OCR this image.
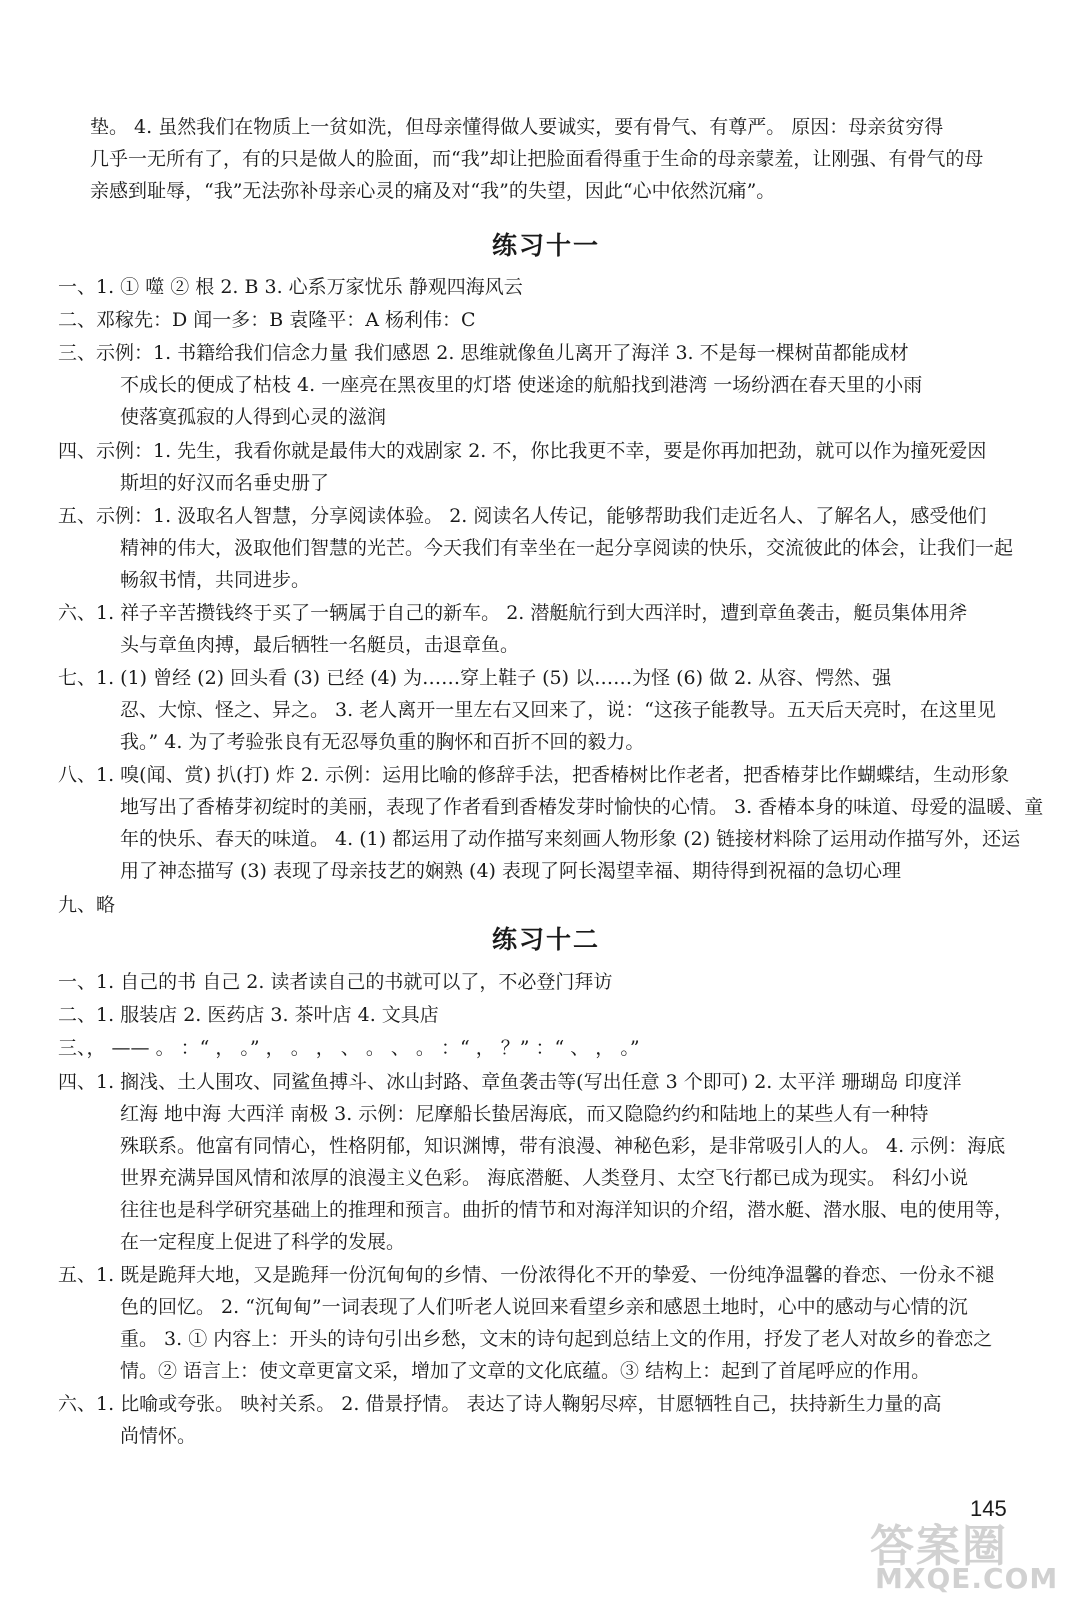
垫。 4. 虽然我们在物质上一贫如洗，但母亲懂得做人要诚实，要有骨气、有尊严。 原因：母亲贫穷得
几乎一无所有了，有的只是做人的脸面，而“我”却让把脸面看得重于生命的母亲蒙羞，让刚强、有骨气的母
亲感到耻辱，“我”无法弥补母亲心灵的痛及对“我”的失望，因此“心中依然沉痛”。
练习十一
一、1. ① 噬 ② 根 2. B 3. 心系万家忧乐 静观四海风云
二、邓稼先：D 闻一多：B 袁隆平：A 杨利伟：C
三、示例：1. 书籍给我们信念力量 我们感恩 2. 思维就像鱼儿离开了海洋 3. 不是每一棵树苗都能成材
不成长的便成了枯枝 4. 一座亮在黑夜里的灯塔 使迷途的航船找到港湾 一场纷洒在春天里的小雨
使落寞孤寂的人得到心灵的滋润
四、示例：1. 先生，我看你就是最伟大的戏剧家 2. 不，你比我更不幸，要是你再加把劲，就可以作为撞死爱因
斯坦的好汉而名垂史册了
五、示例：1. 汲取名人智慧，分享阅读体验。 2. 阅读名人传记，能够帮助我们走近名人、了解名人，感受他们
精神的伟大，汲取他们智慧的光芒。今天我们有幸坐在一起分享阅读的快乐，交流彼此的体会，让我们一起
畅叙书情，共同进步。
六、1. 祥子辛苦攒钱终于买了一辆属于自己的新车。 2. 潜艇航行到大西洋时，遭到章鱼袭击，艇员集体用斧
头与章鱼肉搏，最后牺牲一名艇员，击退章鱼。
七、1. (1) 曾经 (2) 回头看 (3) 已经 (4) 为……穿上鞋子 (5) 以……为怪 (6) 做 2. 从容、愕然、强
忍、大惊、怪之、异之。 3. 老人离开一里左右又回来了，说：“这孩子能教导。五天后天亮时，在这里见
我。” 4. 为了考验张良有无忍辱负重的胸怀和百折不回的毅力。
八、1. 嗅(闻、赏) 扒(打) 炸 2. 示例：运用比喻的修辞手法，把香椿树比作老者，把香椿芽比作蝴蝶结，生动形象
地写出了香椿芽初绽时的美丽，表现了作者看到香椿发芽时愉快的心情。 3. 香椿本身的味道、母爱的温暖、童
年的快乐、春天的味道。 4. (1) 都运用了动作描写来刻画人物形象 (2) 链接材料除了运用动作描写外，还运
用了神态描写 (3) 表现了母亲技艺的娴熟 (4) 表现了阿长渴望幸福、期待得到祝福的急切心理
九、略
练习十二
一、1. 自己的书 自己 2. 读者读自己的书就可以了，不必登门拜访
二、1. 服装店 2. 医药店 3. 茶叶店 4. 文具店
三、， —— 。 ：“ ， 。” ， 。 ， 、 。 、 。 ：“ ， ？” ：“ 、 ， 。”
四、1. 搁浅、土人围攻、同鲨鱼搏斗、冰山封路、章鱼袭击等(写出任意 3 个即可) 2. 太平洋 珊瑚岛 印度洋
红海 地中海 大西洋 南极 3. 示例：尼摩船长蛰居海底，而又隐隐约约和陆地上的某些人有一种特
殊联系。他富有同情心，性格阴郁，知识渊博，带有浪漫、神秘色彩，是非常吸引人的人。 4. 示例：海底
世界充满异国风情和浓厚的浪漫主义色彩。 海底潜艇、人类登月、太空飞行都已成为现实。 科幻小说
往往也是科学研究基础上的推理和预言。曲折的情节和对海洋知识的介绍，潜水艇、潜水服、电的使用等，
在一定程度上促进了科学的发展。
五、1. 既是跪拜大地，又是跪拜一份沉甸甸的乡情、一份浓得化不开的挚爱、一份纯净温馨的眷恋、一份永不褪
色的回忆。 2. “沉甸甸”一词表现了人们听老人说回来看望乡亲和感恩土地时，心中的感动与心情的沉
重。 3. ① 内容上：开头的诗句引出乡愁，文末的诗句起到总结上文的作用，抒发了老人对故乡的眷恋之
情。② 语言上：使文章更富文采，增加了文章的文化底蕴。③ 结构上：起到了首尾呼应的作用。
六、1. 比喻或夸张。 映衬关系。 2. 借景抒情。 表达了诗人鞠躬尽瘁，甘愿牺牲自己，扶持新生力量的高
尚情怀。
145
答案圈
MXQE.COM
